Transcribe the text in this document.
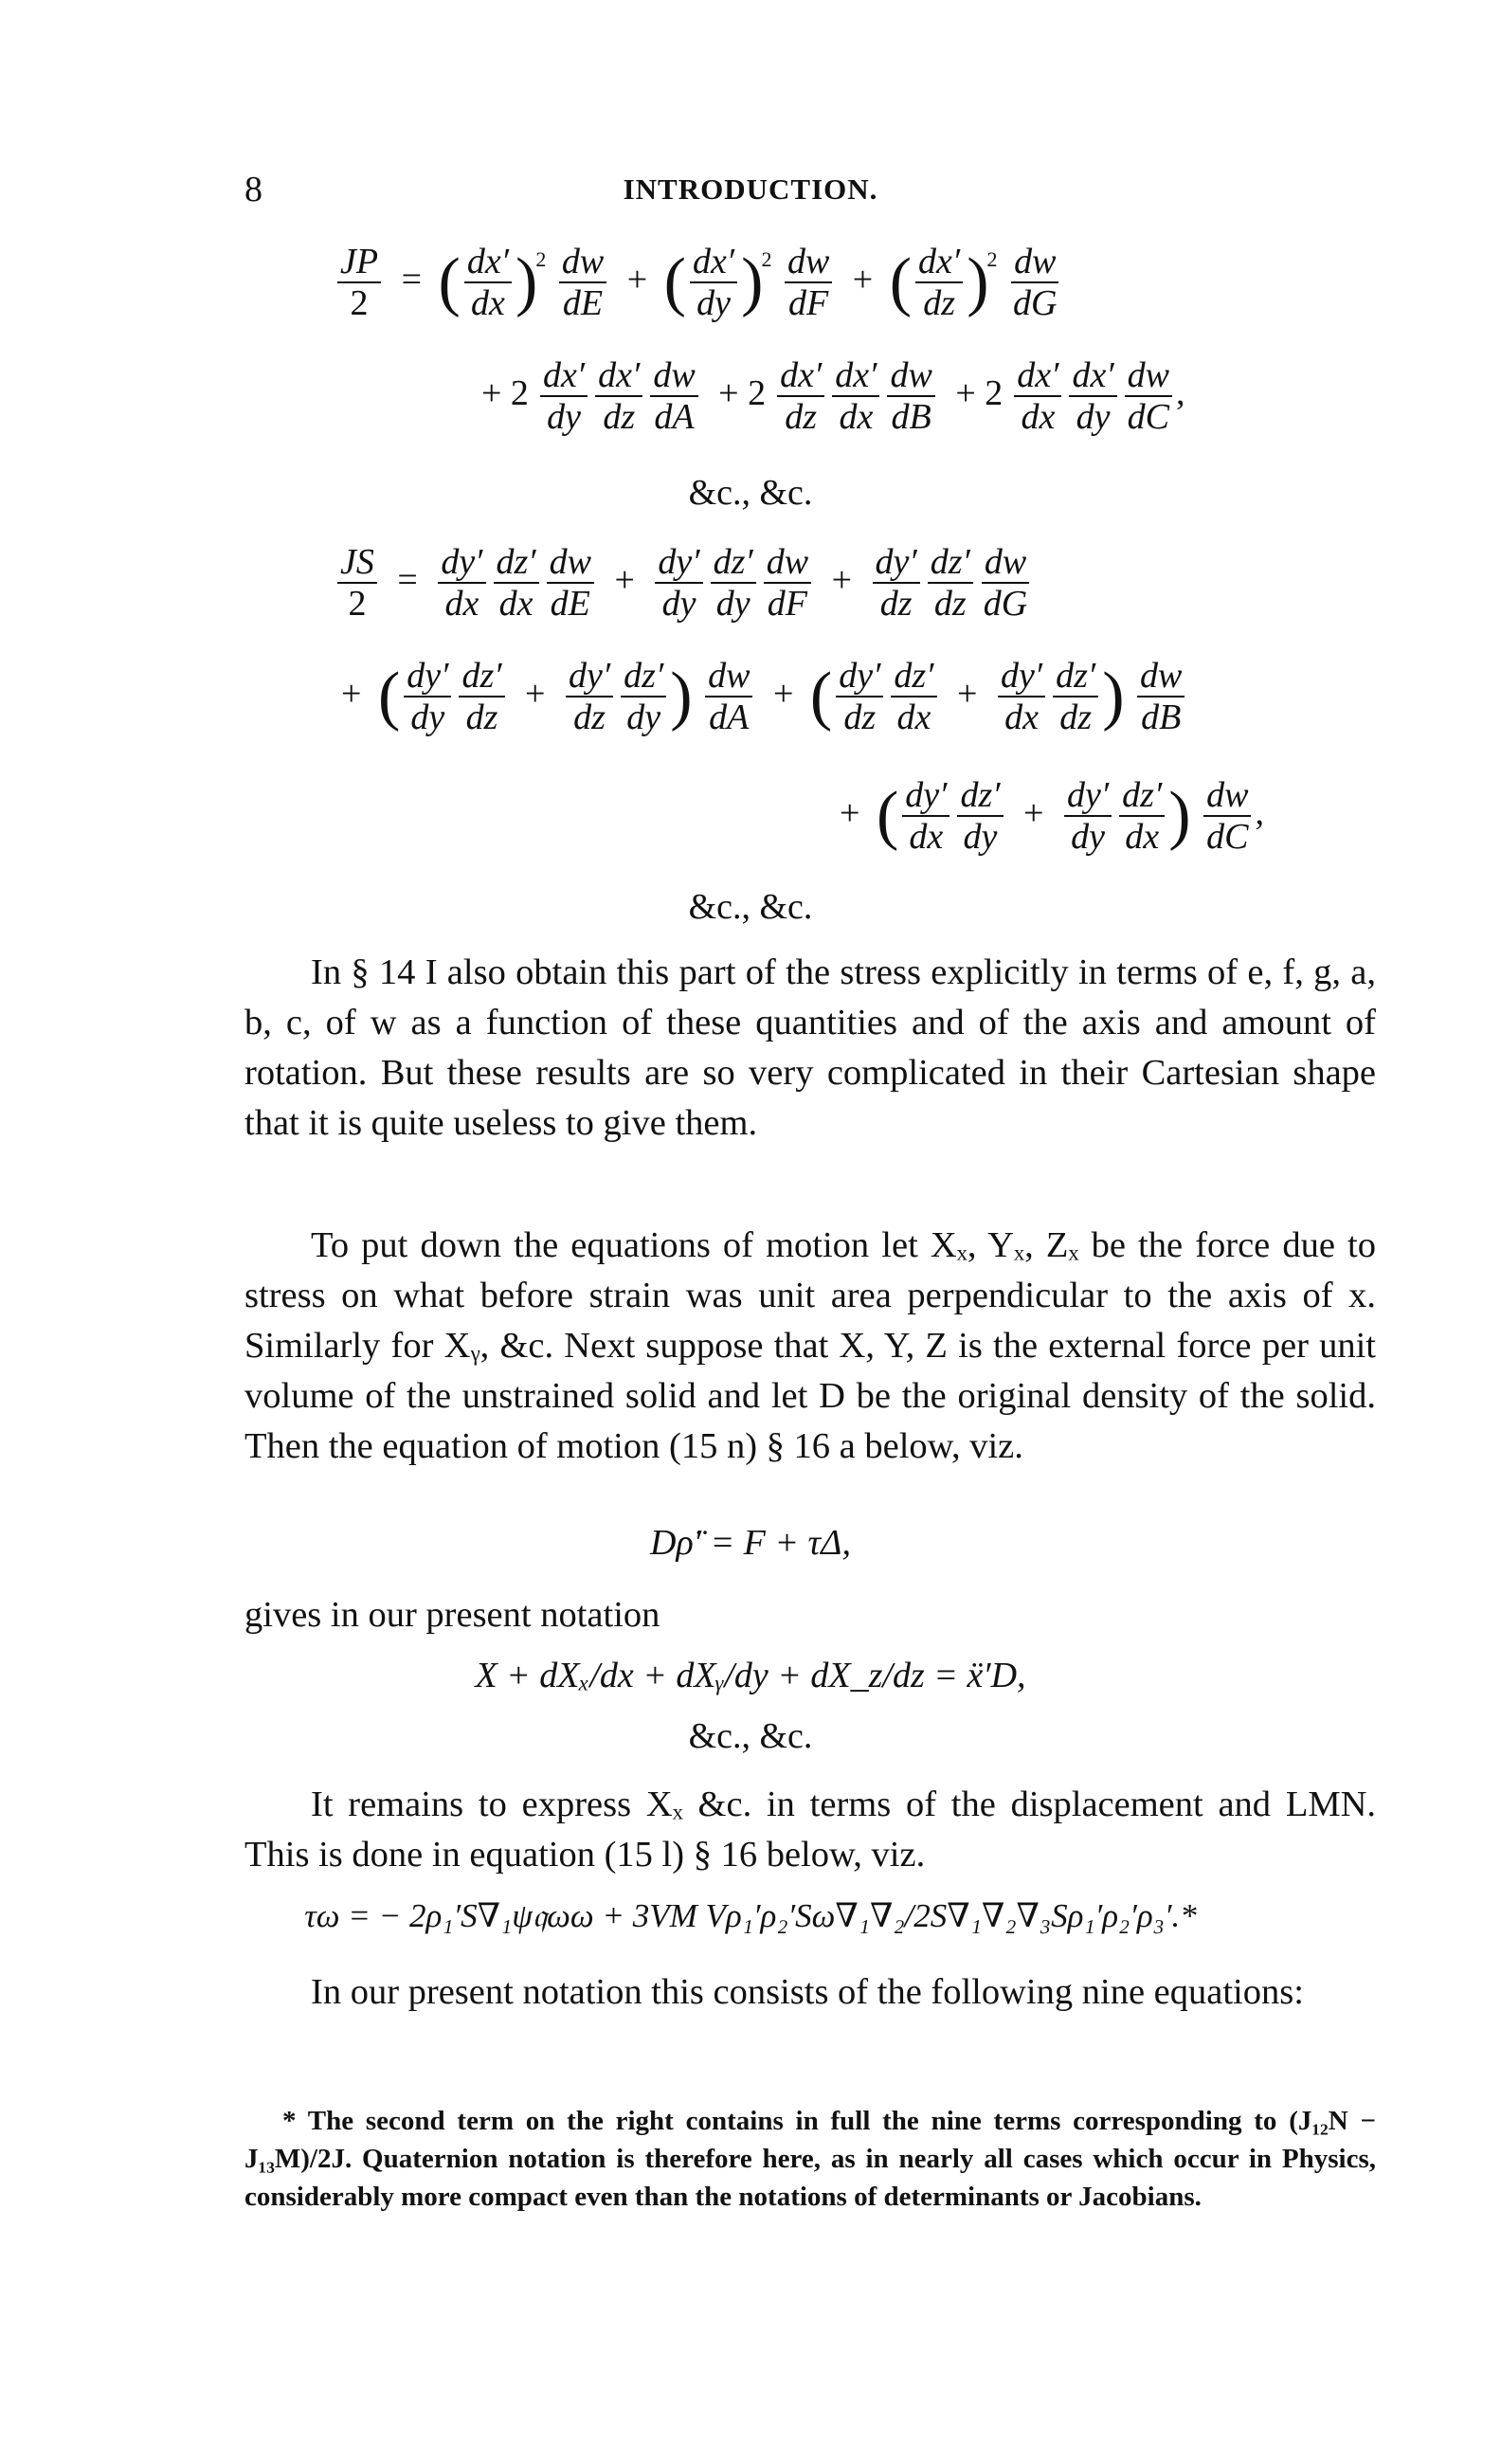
8	INTRODUCTION.
$\frac{JP}{2}$ = ( $\frac{dx'}{dx} )^2 \frac{dw}{dE}$ + ( $\frac{dx'}{dy} )^2 \frac{dw}{dF}$ + ( $\frac{dx'}{dz} )^2 \frac{dw}{dG}$
+ $2 \frac{dx'}{dy} \frac{dx'}{dz} \frac{dw}{dA} + 2 \frac{dx'}{dz} \frac{dx'}{dx} \frac{dw}{dB} + 2 \frac{dx'}{dx} \frac{dx'}{dy} \frac{dw}{dC}$ ,
&c., &c.
$\frac{JS}{2} = \frac{dy'}{dx} \frac{dz'}{dx} \frac{dw}{dE} + \frac{dy'}{dy} \frac{dz'}{dy} \frac{dw}{dF} + \frac{dy'}{dz} \frac{dz'}{dz} \frac{dw}{dG}$
+ ( $\frac{dy'}{dy} \frac{dz'}{dz} + \frac{dy'}{dz} \frac{dz'}{dy}$ ) $\frac{dw}{dA}$ + ( $\frac{dy'}{dz} \frac{dz'}{dx} + \frac{dy'}{dx} \frac{dz'}{dz}$ ) $\frac{dw}{dB}$
+ ( $\frac{dy'}{dx} \frac{dz'}{dy} + \frac{dy'}{dy} \frac{dz'}{dx}$ ) $\frac{dw}{dC}$ ,
&c., &c.
In § 14 I also obtain this part of the stress explicitly in terms of e, f, g, a, b, c, of w as a function of these quantities and of the axis and amount of rotation. But these results are so very complicated in their Cartesian shape that it is quite useless to give them.
To put down the equations of motion let Xₓ, Yₓ, Zₓ be the force due to stress on what before strain was unit area perpendicular to the axis of x. Similarly for Xᵧ, &c. Next suppose that X, Y, Z is the external force per unit volume of the unstrained solid and let D be the original density of the solid. Then the equation of motion (15 n) § 16 a below, viz.
Dρ̈′ = F + τΔ,
gives in our present notation
X + dXₓ/dx + dXᵧ/dy + dX_z/dz = ẍ′D,
&c., &c.
It remains to express Xₓ &c. in terms of the displacement and LMN. This is done in equation (15 l) § 16 below, viz.
τω = − 2ρ₁′S∇₁ψ𝔮ωω + 3VM Vρ₁′ρ₂′Sω∇₁∇₂/2S∇₁∇₂∇₃Sρ₁′ρ₂′ρ₃′.*
In our present notation this consists of the following nine equations:
* The second term on the right contains in full the nine terms corresponding to (J₁₂N − J₁₃M)/2J. Quaternion notation is therefore here, as in nearly all cases which occur in Physics, considerably more compact even than the notations of determinants or Jacobians.
